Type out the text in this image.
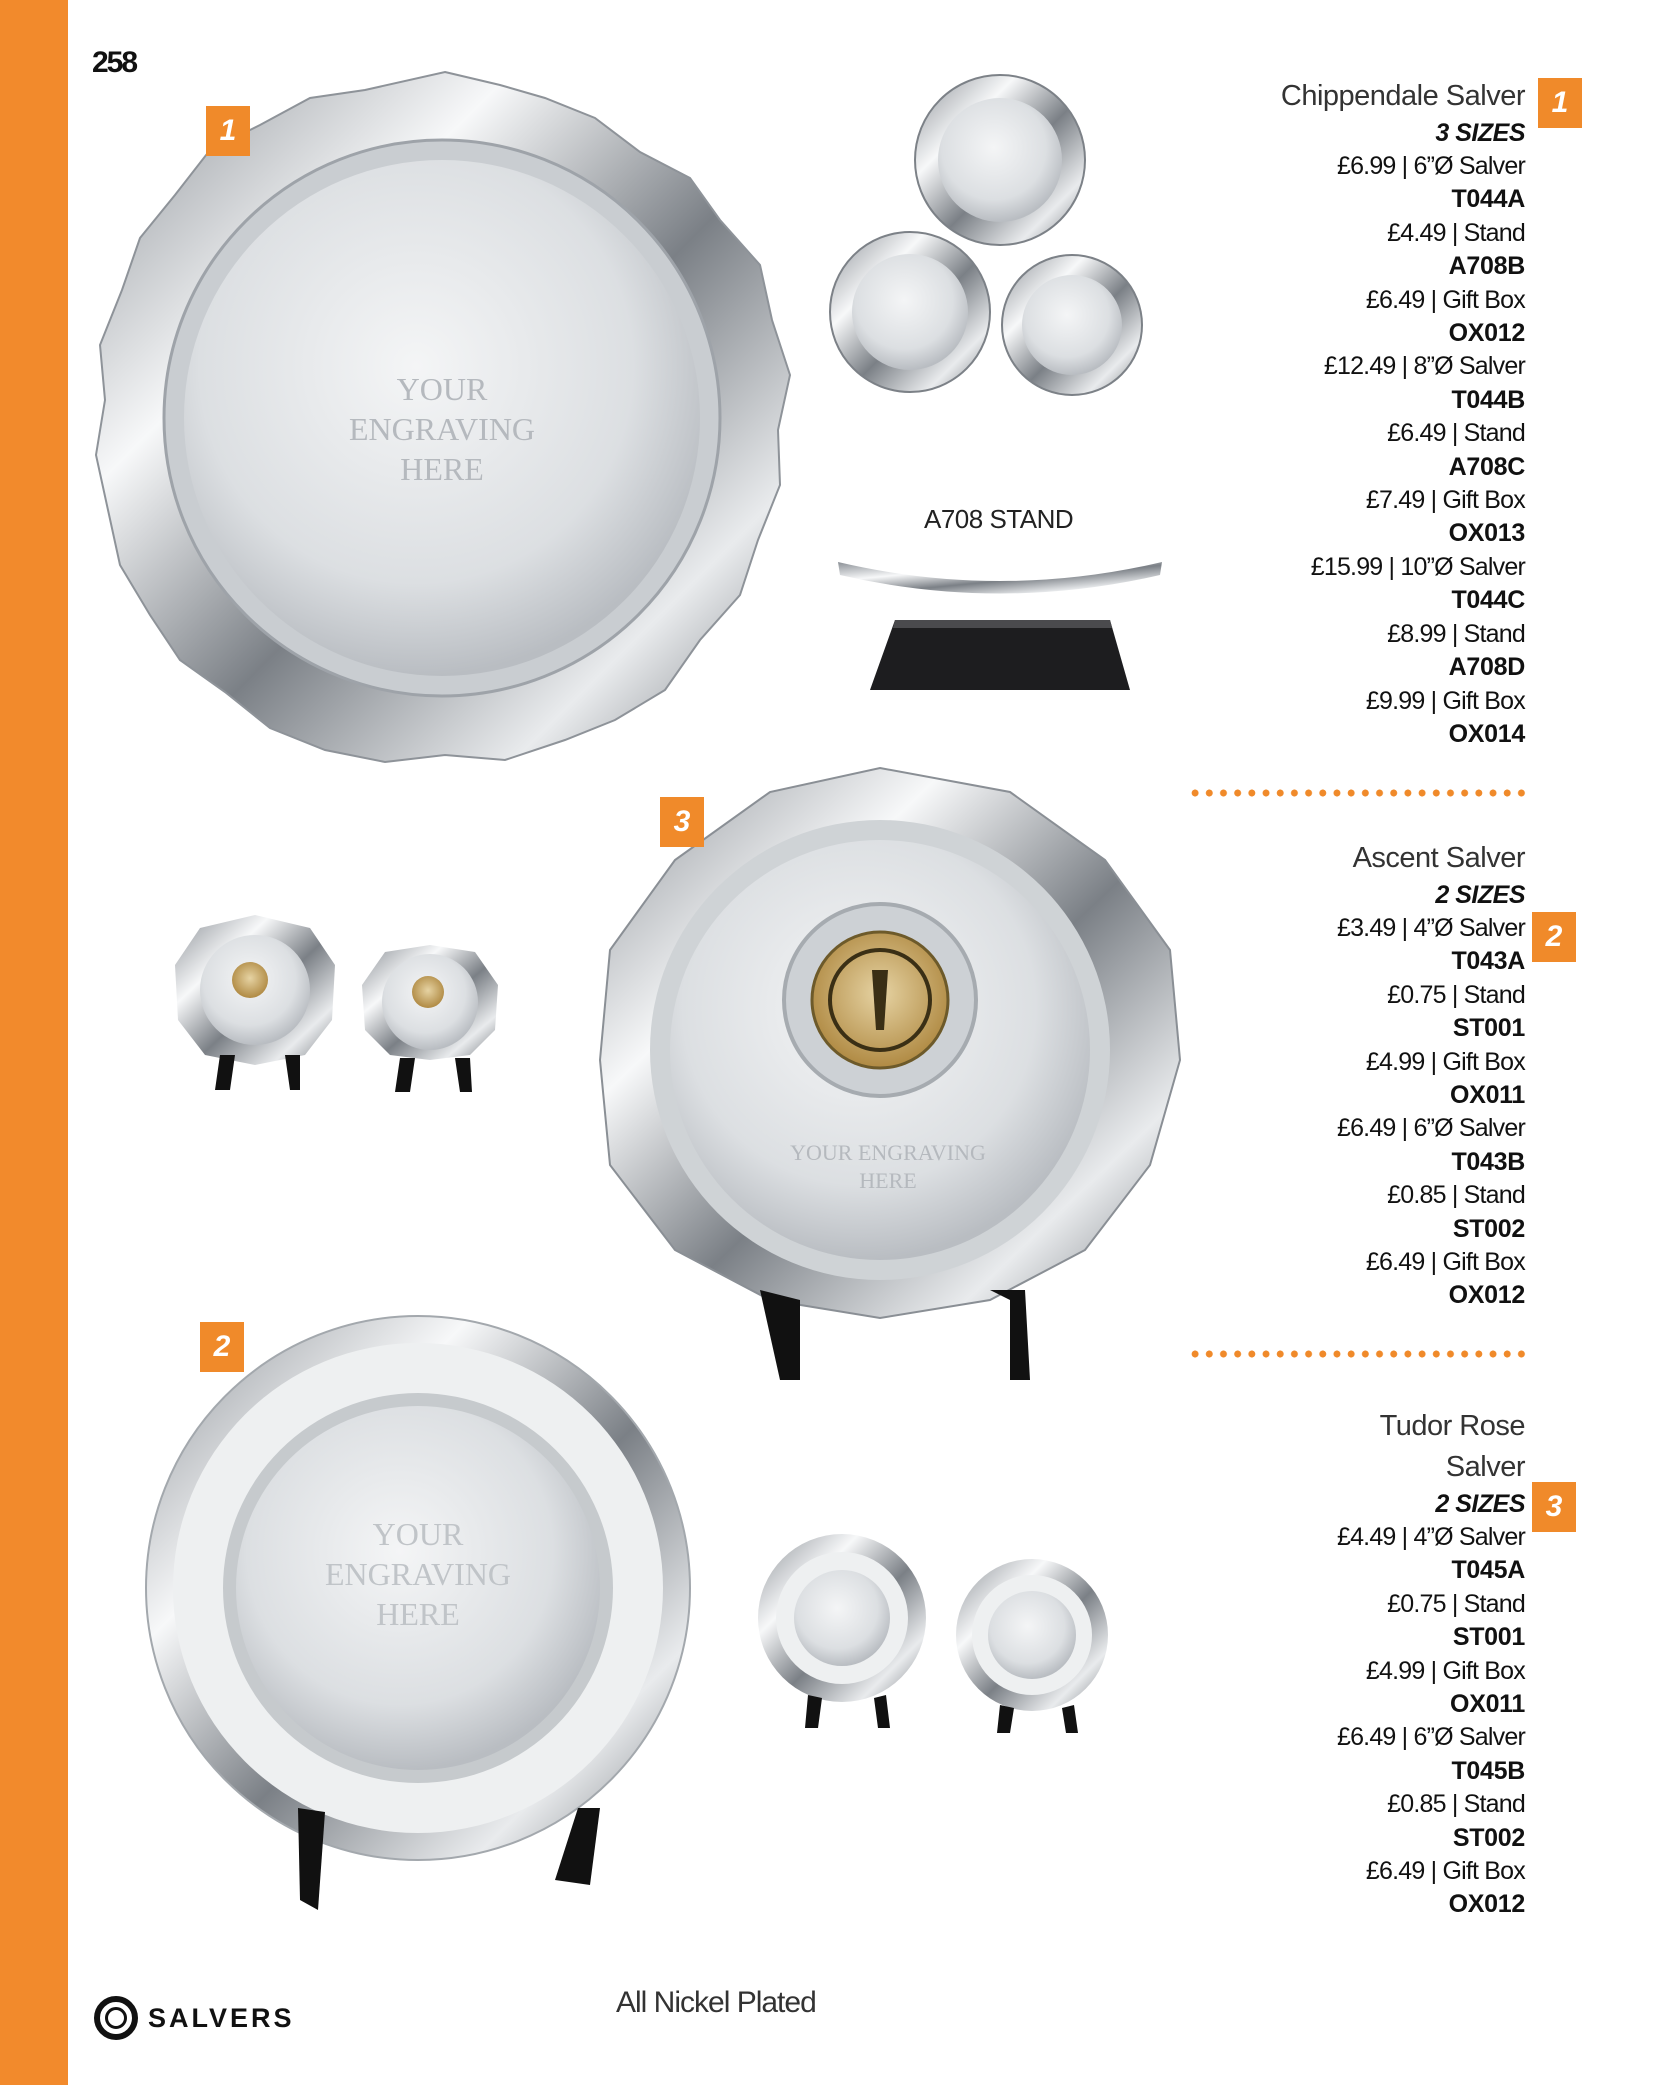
258
YOUR
ENGRAVING
HERE
YOUR ENGRAVING
HERE
YOUR
ENGRAVING
HERE
A708 STAND
1
3
2
Chippendale Salver
3 SIZES
£6.99 | 6”Ø Salver
T044A
£4.49 | Stand
A708B
£6.49 | Gift Box
OX012
£12.49 | 8”Ø Salver
T044B
£6.49 | Stand
A708C
£7.49 | Gift Box
OX013
£15.99 | 10”Ø Salver
T044C
£8.99 | Stand
A708D
£9.99 | Gift Box
OX014
1
Ascent Salver
2 SIZES
£3.49 | 4”Ø Salver
T043A
£0.75 | Stand
ST001
£4.99 | Gift Box
OX011
£6.49 | 6”Ø Salver
T043B
£0.85 | Stand
ST002
£6.49 | Gift Box
OX012
2
Tudor Rose
Salver
2 SIZES
£4.49 | 4”Ø Salver
T045A
£0.75 | Stand
ST001
£4.99 | Gift Box
OX011
£6.49 | 6”Ø Salver
T045B
£0.85 | Stand
ST002
£6.49 | Gift Box
OX012
3
SALVERS	All Nickel Plated
